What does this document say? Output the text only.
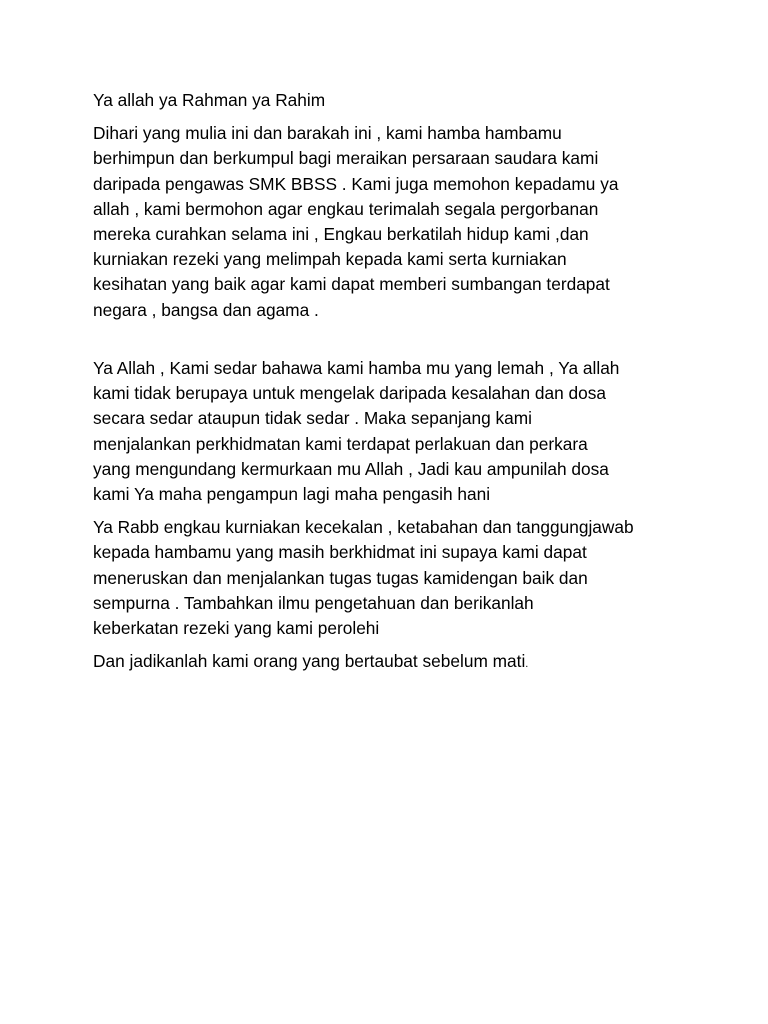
Ya allah ya Rahman ya Rahim

Dihari yang mulia ini dan barakah ini , kami hamba hambamu
berhimpun dan berkumpul bagi meraikan persaraan saudara kami
daripada pengawas SMK BBSS . Kami juga memohon kepadamu ya
allah , kami bermohon agar engkau terimalah segala pergorbanan
mereka curahkan selama ini , Engkau berkatilah hidup kami ,dan
kurniakan rezeki yang melimpah kepada kami serta kurniakan
kesihatan yang baik agar kami dapat memberi sumbangan terdapat
negara , bangsa dan agama .

Ya Allah , Kami sedar bahawa kami hamba mu yang lemah , Ya allah
kami tidak berupaya untuk mengelak daripada kesalahan dan dosa
secara sedar ataupun tidak sedar . Maka sepanjang kami
menjalankan perkhidmatan kami terdapat perlakuan dan perkara
yang mengundang kermurkaan mu Allah , Jadi kau ampunilah dosa
kami Ya maha pengampun lagi maha pengasih hani

Ya Rabb engkau kurniakan kecekalan , ketabahan dan tanggungjawab
kepada hambamu yang masih berkhidmat ini supaya kami dapat
meneruskan dan menjalankan tugas tugas kamidengan baik dan
sempurna . Tambahkan ilmu pengetahuan dan berikanlah
keberkatan rezeki yang kami perolehi

Dan jadikanlah kami orang yang bertaubat sebelum mati.
